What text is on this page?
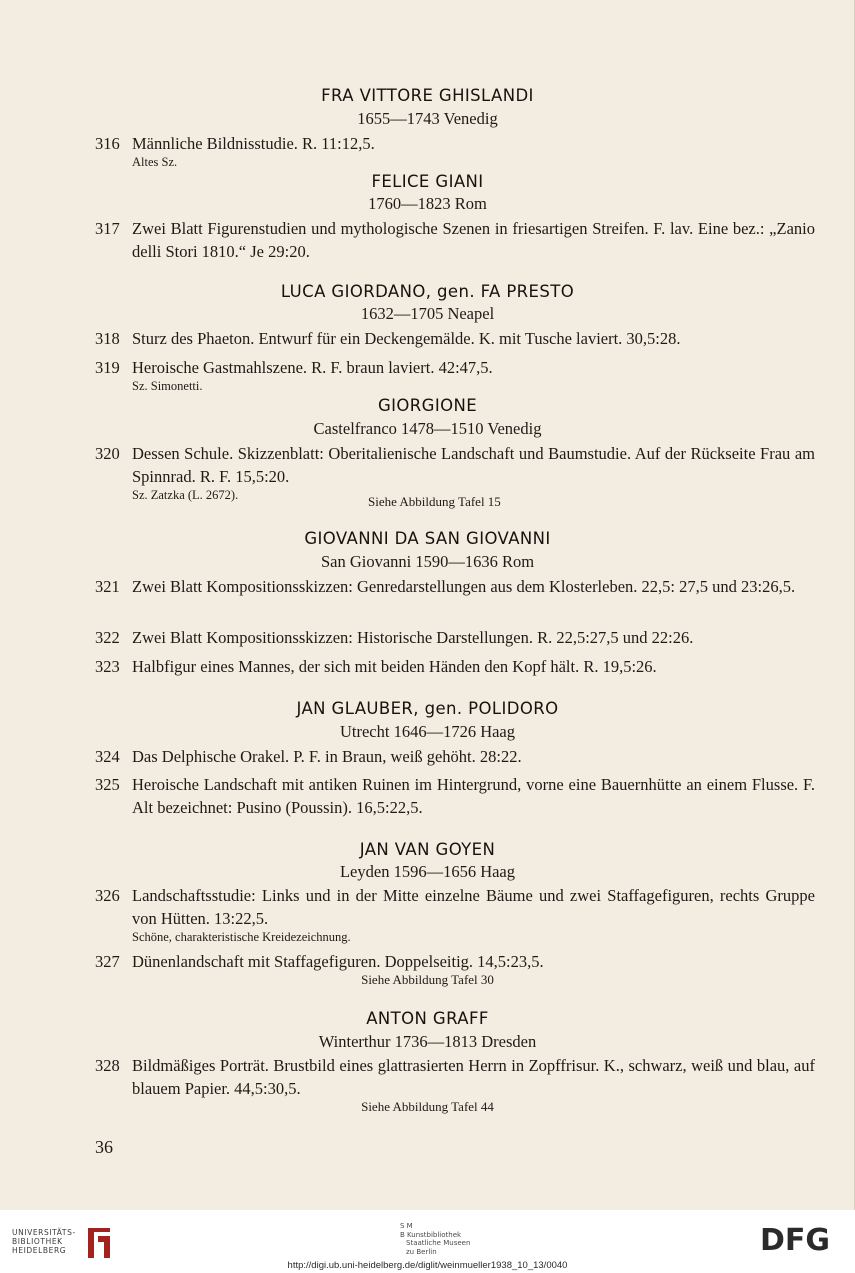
FRA VITTORE GHISLANDI
1655—1743 Venedig
316 Männliche Bildnisstudie. R. 11:12,5.
Altes Sz.
FELICE GIANI
1760—1823 Rom
317 Zwei Blatt Figurenstudien und mythologische Szenen in friesartigen Streifen. F. lav. Eine bez.: „Zanio delli Stori 1810.“ Je 29:20.
LUCA GIORDANO, gen. FA PRESTO
1632—1705 Neapel
318 Sturz des Phaeton. Entwurf für ein Deckengemälde. K. mit Tusche laviert. 30,5:28.
319 Heroische Gastmahlszene. R. F. braun laviert. 42:47,5.
Sz. Simonetti.
GIORGIONE
Castelfranco 1478—1510 Venedig
320 Dessen Schule. Skizzenblatt: Oberitalienische Landschaft und Baumstudie. Auf der Rückseite Frau am Spinnrad. R. F. 15,5:20.
Sz. Zatzka (L. 2672).	Siehe Abbildung Tafel 15
GIOVANNI DA SAN GIOVANNI
San Giovanni 1590—1636 Rom
321 Zwei Blatt Kompositionsskizzen: Genredarstellungen aus dem Klosterleben. 22,5: 27,5 und 23:26,5.
322 Zwei Blatt Kompositionsskizzen: Historische Darstellungen. R. 22,5:27,5 und 22:26.
323 Halbfigur eines Mannes, der sich mit beiden Händen den Kopf hält. R. 19,5:26.
JAN GLAUBER, gen. POLIDORO
Utrecht 1646—1726 Haag
324 Das Delphische Orakel. P. F. in Braun, weiß gehöht. 28:22.
325 Heroische Landschaft mit antiken Ruinen im Hintergrund, vorne eine Bauernhütte an einem Flusse. F. Alt bezeichnet: Pusino (Poussin). 16,5:22,5.
JAN VAN GOYEN
Leyden 1596—1656 Haag
326 Landschaftsstudie: Links und in der Mitte einzelne Bäume und zwei Staffagefiguren, rechts Gruppe von Hütten. 13:22,5.
Schöne, charakteristische Kreidezeichnung.
327 Dünenlandschaft mit Staffagefiguren. Doppelseitig. 14,5:23,5.
Siehe Abbildung Tafel 30
ANTON GRAFF
Winterthur 1736—1813 Dresden
328 Bildmäßiges Porträt. Brustbild eines glattrasierten Herrn in Zopffrisur. K., schwarz, weiß und blau, auf blauem Papier. 44,5:30,5.
Siehe Abbildung Tafel 44
36
UNIVERSITÄTS-
BIBLIOTHEK
HEIDELBERG
S M
B Kunstbibliothek
Staatliche Museen
zu Berlin	DFG
http://digi.ub.uni-heidelberg.de/diglit/weinmueller1938_10_13/0040
